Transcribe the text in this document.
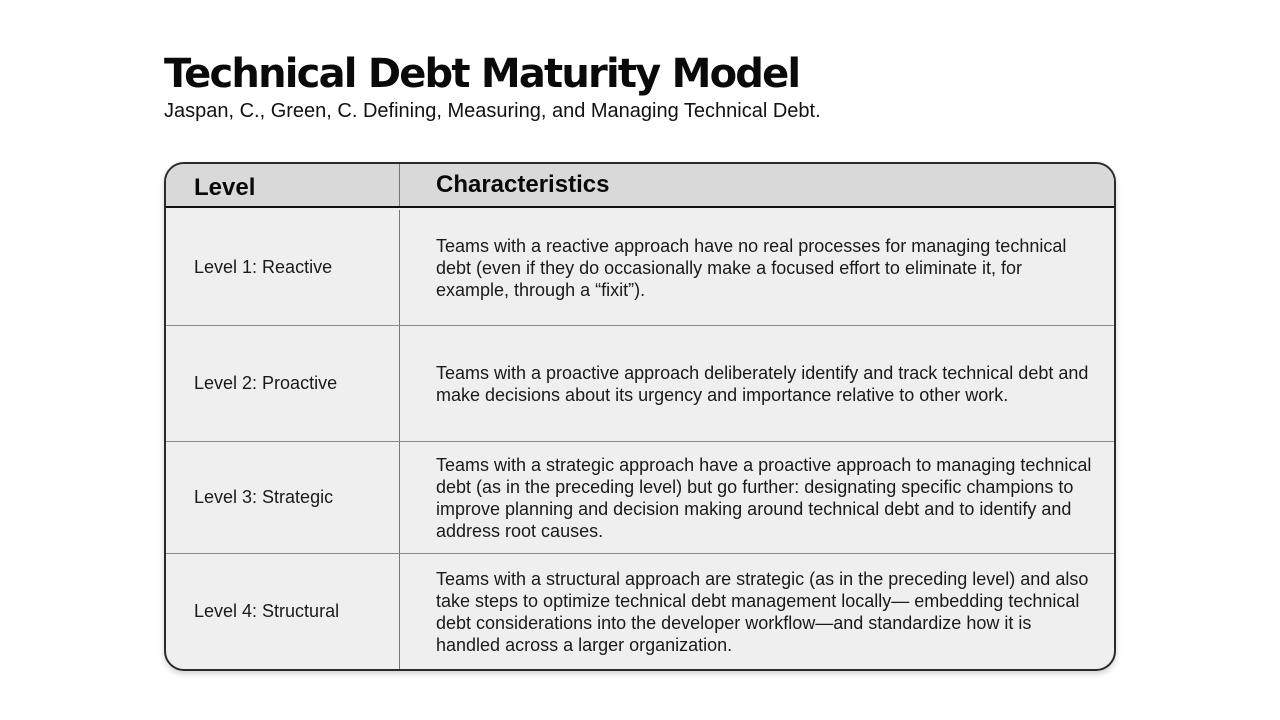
Technical Debt Maturity Model

Jaspan, C., Green, C. Defining, Measuring, and Managing Technical Debt.

Level	Characteristics
Level 1: Reactive
Teams with a reactive approach have no real processes for managing technical debt (even if they do occasionally make a focused effort to eliminate it, for example, through a “fixit”).
Level 2: Proactive
Teams with a proactive approach deliberately identify and track technical debt and make decisions about its urgency and importance relative to other work.
Level 3: Strategic
Teams with a strategic approach have a proactive approach to managing technical debt (as in the preceding level) but go further: designating specific champions to improve planning and decision making around technical debt and to identify and address root causes.
Level 4: Structural
Teams with a structural approach are strategic (as in the preceding level) and also take steps to optimize technical debt management locally— embedding technical debt considerations into the developer workflow—and standardize how it is handled across a larger organization.
